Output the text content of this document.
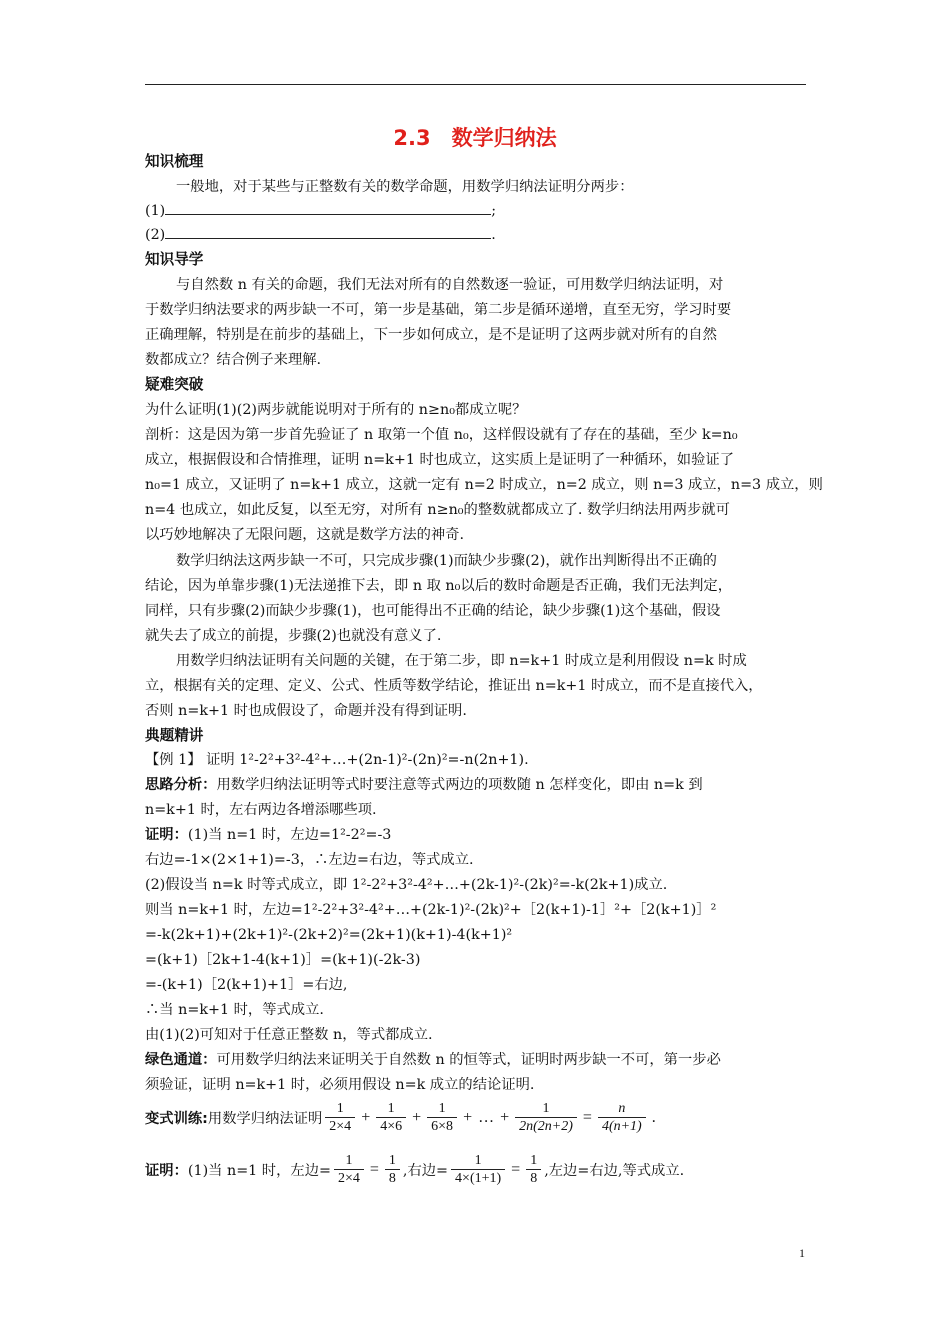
2.3　数学归纳法
知识梳理
一般地，对于某些与正整数有关的数学命题，用数学归纳法证明分两步：
(1)	;
(2)	.
知识导学
与自然数 n 有关的命题，我们无法对所有的自然数逐一验证，可用数学归纳法证明，对
于数学归纳法要求的两步缺一不可，第一步是基础，第二步是循环递增，直至无穷，学习时要
正确理解，特别是在前步的基础上，下一步如何成立，是不是证明了这两步就对所有的自然
数都成立？结合例子来理解.
疑难突破
为什么证明(1)(2)两步就能说明对于所有的 n≥n₀都成立呢？
剖析：这是因为第一步首先验证了 n 取第一个值 n₀，这样假设就有了存在的基础，至少 k=n₀
成立，根据假设和合情推理，证明 n=k+1 时也成立，这实质上是证明了一种循环，如验证了
n₀=1 成立，又证明了 n=k+1 成立，这就一定有 n=2 时成立，n=2 成立，则 n=3 成立，n=3 成立，则
n=4 也成立，如此反复，以至无穷，对所有 n≥n₀的整数就都成立了. 数学归纳法用两步就可
以巧妙地解决了无限问题，这就是数学方法的神奇.
数学归纳法这两步缺一不可，只完成步骤(1)而缺少步骤(2)，就作出判断得出不正确的
结论，因为单靠步骤(1)无法递推下去，即 n 取 n₀以后的数时命题是否正确，我们无法判定，
同样，只有步骤(2)而缺少步骤(1)，也可能得出不正确的结论，缺少步骤(1)这个基础，假设
就失去了成立的前提，步骤(2)也就没有意义了.
用数学归纳法证明有关问题的关键，在于第二步，即 n=k+1 时成立是利用假设 n=k 时成
立，根据有关的定理、定义、公式、性质等数学结论，推证出 n=k+1 时成立，而不是直接代入，
否则 n=k+1 时也成假设了，命题并没有得到证明.
典题精讲
【例 1】 证明 1²-2²+3²-4²+…+(2n-1)²-(2n)²=-n(2n+1).
思路分析：用数学归纳法证明等式时要注意等式两边的项数随 n 怎样变化，即由 n=k 到
n=k+1 时，左右两边各增添哪些项.
证明：(1)当 n=1 时，左边=1²-2²=-3
右边=-1×(2×1+1)=-3，∴左边=右边，等式成立.
(2)假设当 n=k 时等式成立，即 1²-2²+3²-4²+…+(2k-1)²-(2k)²=-k(2k+1)成立.
则当 n=k+1 时，左边=1²-2²+3²-4²+…+(2k-1)²-(2k)²+［2(k+1)-1］²+［2(k+1)］²
=-k(2k+1)+(2k+1)²-(2k+2)²=(2k+1)(k+1)-4(k+1)²
=(k+1)［2k+1-4(k+1)］=(k+1)(-2k-3)
=-(k+1)［2(k+1)+1］=右边,
∴当 n=k+1 时，等式成立.
由(1)(2)可知对于任意正整数 n，等式都成立.
绿色通道：可用数学归纳法来证明关于自然数 n 的恒等式，证明时两步缺一不可，第一步必
须验证，证明 n=k+1 时，必须用假设 n=k 成立的结论证明.
变式训练: 用数学归纳法证明 $\frac{1}{2\times 4} + \frac{1}{4\times 6} + \frac{1}{6\times 8}$ + … + $\frac{1}{2n(2n+2)} = \frac{n}{4(n+1)}$ .
证明： (1)当 n=1 时，左边= $\frac{1}{2\times 4} = \frac{1}{8}$ ,右边= $\frac{1}{4\times(1+1)} = \frac{1}{8}$ ,左边=右边,等式成立.
1
